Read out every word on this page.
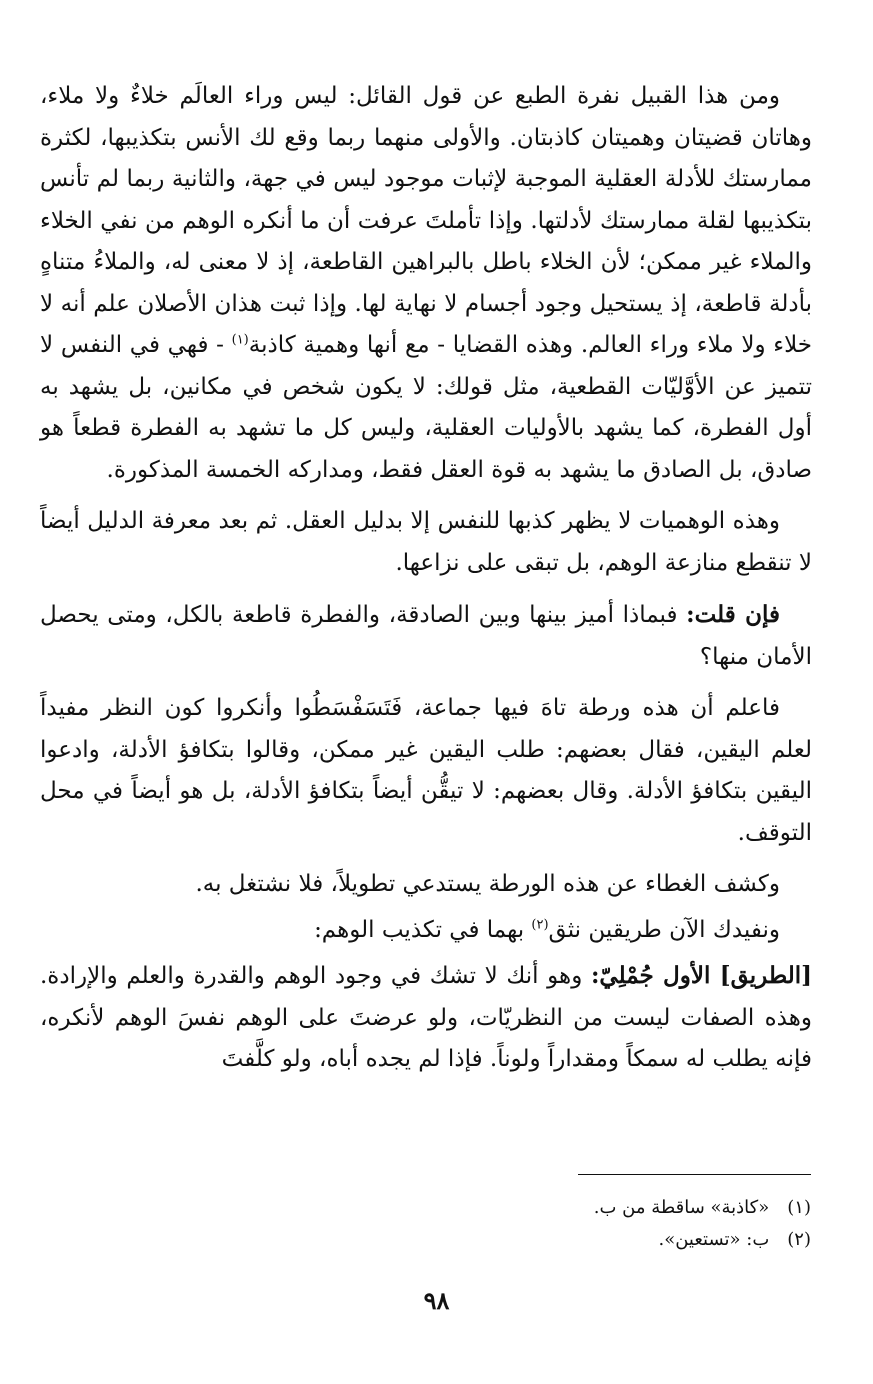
ومن هذا القبيل نفرة الطبع عن قول القائل: ليس وراء العالَم خلاءٌ ولا ملاء، وهاتان قضيتان وهميتان كاذبتان. والأولى منهما ربما وقع لك الأنس بتكذيبها، لكثرة ممارستك للأدلة العقلية الموجبة لإثبات موجود ليس في جهة، والثانية ربما لم تأنس بتكذيبها لقلة ممارستك لأدلتها. وإذا تأملتَ عرفت أن ما أنكره الوهم من نفي الخلاء والملاء غير ممكن؛ لأن الخلاء باطل بالبراهين القاطعة، إذ لا معنى له، والملاءُ متناهٍ بأدلة قاطعة، إذ يستحيل وجود أجسام لا نهاية لها. وإذا ثبت هذان الأصلان علم أنه لا خلاء ولا ملاء وراء العالم. وهذه القضايا - مع أنها وهمية كاذبة$^{(١)}$ - فهي في النفس لا تتميز عن الأوَّليّات القطعية، مثل قولك: لا يكون شخص في مكانين، بل يشهد به أول الفطرة، كما يشهد بالأوليات العقلية، وليس كل ما تشهد به الفطرة قطعاً هو صادق، بل الصادق ما يشهد به قوة العقل فقط، ومداركه الخمسة المذكورة.

وهذه الوهميات لا يظهر كذبها للنفس إلا بدليل العقل. ثم بعد معرفة الدليل أيضاً لا تنقطع منازعة الوهم، بل تبقى على نزاعها.

فإن قلت: فبماذا أميز بينها وبين الصادقة، والفطرة قاطعة بالكل، ومتى يحصل الأمان منها؟

فاعلم أن هذه ورطة تاهَ فيها جماعة، فَتَسَفْسَطُوا وأنكروا كون النظر مفيداً لعلم اليقين، فقال بعضهم: طلب اليقين غير ممكن، وقالوا بتكافؤ الأدلة، وادعوا اليقين بتكافؤ الأدلة. وقال بعضهم: لا تيقُّن أيضاً بتكافؤ الأدلة، بل هو أيضاً في محل التوقف.

وكشف الغطاء عن هذه الورطة يستدعي تطويلاً، فلا نشتغل به.

ونفيدك الآن طريقين نثق$^{(٢)}$ بهما في تكذيب الوهم:

[الطريق] الأول جُمْلِيّ: وهو أنك لا تشك في وجود الوهم والقدرة والعلم والإرادة. وهذه الصفات ليست من النظريّات، ولو عرضتَ على الوهم نفسَ الوهم لأنكره، فإنه يطلب له سمكاً ومقداراً ولوناً. فإذا لم يجده أباه، ولو كلَّفتَ

(١)«كاذبة» ساقطة من ب.

(٢)ب: «تستعين».

٩٨
